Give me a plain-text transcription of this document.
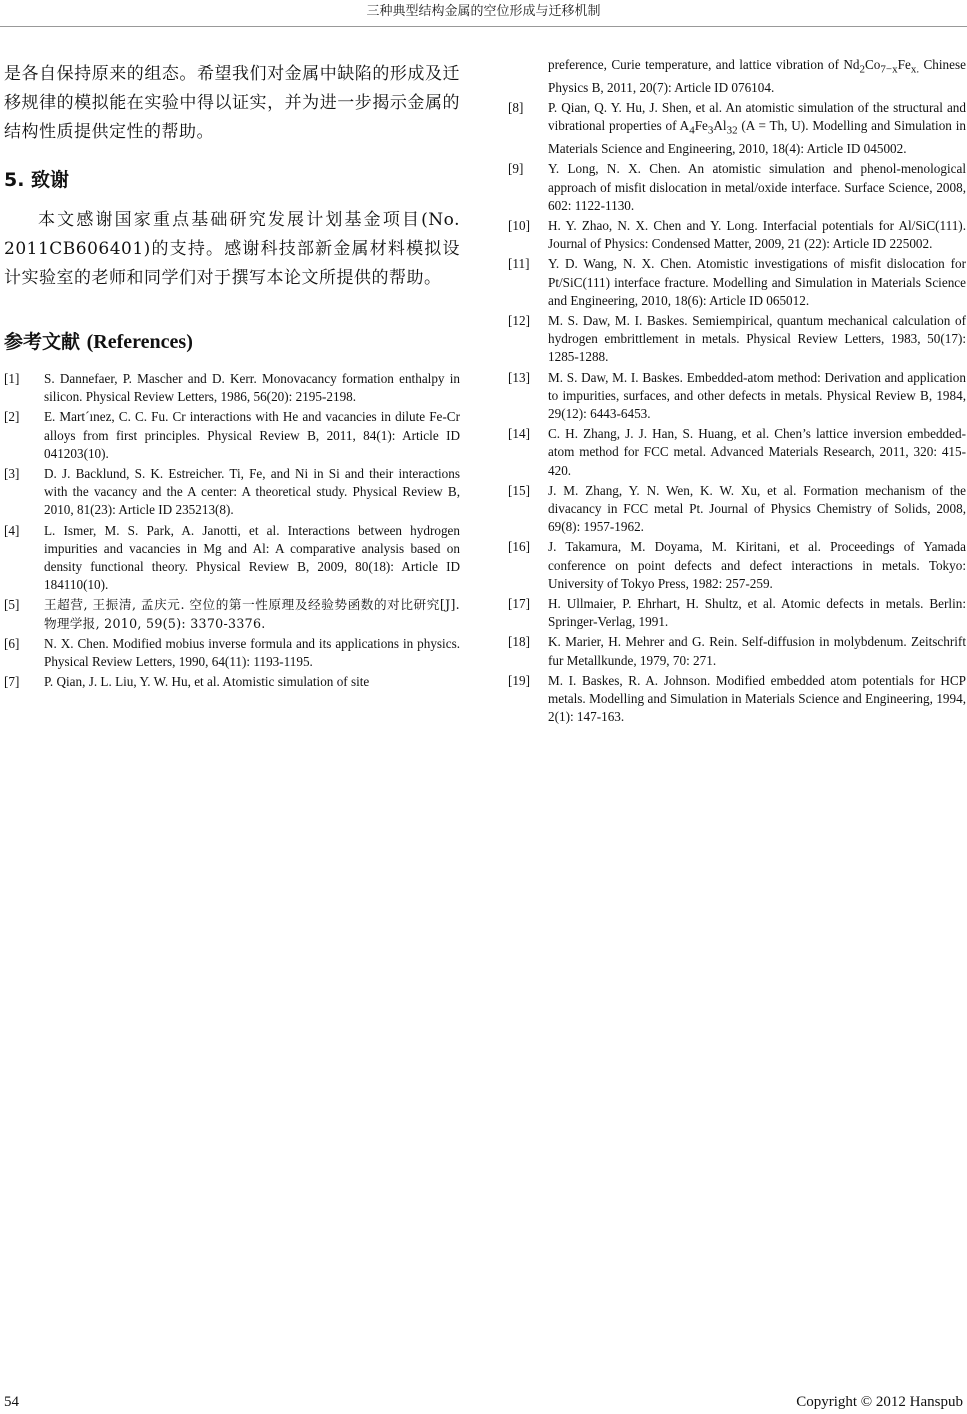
三种典型结构金属的空位形成与迁移机制

是各自保持原来的组态。希望我们对金属中缺陷的形成及迁移规律的模拟能在实验中得以证实，并为进一步揭示金属的结构性质提供定性的帮助。

5. 致谢

本文感谢国家重点基础研究发展计划基金项目(No. 2011CB606401)的支持。感谢科技部新金属材料模拟设计实验室的老师和同学们对于撰写本论文所提供的帮助。

参考文献 (References)
[1]	S. Dannefaer, P. Mascher and D. Kerr. Monovacancy formation enthalpy in silicon. Physical Review Letters, 1986, 56(20): 2195-2198.
[2]	E. Mart´ınez, C. C. Fu. Cr interactions with He and vacancies in dilute Fe-Cr alloys from first principles. Physical Review B, 2011, 84(1): Article ID 041203(10).
[3]	D. J. Backlund, S. K. Estreicher. Ti, Fe, and Ni in Si and their interactions with the vacancy and the A center: A theoretical study. Physical Review B, 2010, 81(23): Article ID 235213(8).
[4]	L. Ismer, M. S. Park, A. Janotti, et al. Interactions between hydrogen impurities and vacancies in Mg and Al: A comparative analysis based on density functional theory. Physical Review B, 2009, 80(18): Article ID 184110(10).
[5]	王超营, 王振清, 孟庆元. 空位的第一性原理及经验势函数的对比研究[J]. 物理学报, 2010, 59(5): 3370-3376.
[6]	N. X. Chen. Modified mobius inverse formula and its applications in physics. Physical Review Letters, 1990, 64(11): 1193-1195.
[7]	P. Qian, J. L. Liu, Y. W. Hu, et al. Atomistic simulation of site
preference, Curie temperature, and lattice vibration of $Nd_2Co_{7-x}Fe_{x.}$ Chinese Physics B, 2011, 20(7): Article ID 076104.
[8]	P. Qian, Q. Y. Hu, J. Shen, et al. An atomistic simulation of the structural and vibrational properties of $A_4Fe_3Al_{32}$ (A = Th, U). Modelling and Simulation in Materials Science and Engineering, 2010, 18(4): Article ID 045002.
[9]	Y. Long, N. X. Chen. An atomistic simulation and phenol-menological approach of misfit dislocation in metal/oxide interface. Surface Science, 2008, 602: 1122-1130.
[10]	H. Y. Zhao, N. X. Chen and Y. Long. Interfacial potentials for Al/SiC(111). Journal of Physics: Condensed Matter, 2009, 21 (22): Article ID 225002.
[11]	Y. D. Wang, N. X. Chen. Atomistic investigations of misfit dislocation for Pt/SiC(111) interface fracture. Modelling and Simulation in Materials Science and Engineering, 2010, 18(6): Article ID 065012.
[12]	M. S. Daw, M. I. Baskes. Semiempirical, quantum mechanical calculation of hydrogen embrittlement in metals. Physical Review Letters, 1983, 50(17): 1285-1288.
[13]	M. S. Daw, M. I. Baskes. Embedded-atom method: Derivation and application to impurities, surfaces, and other defects in metals. Physical Review B, 1984, 29(12): 6443-6453.
[14]	C. H. Zhang, J. J. Han, S. Huang, et al. Chen’s lattice inversion embedded-atom method for FCC metal. Advanced Materials Research, 2011, 320: 415-420.
[15]	J. M. Zhang, Y. N. Wen, K. W. Xu, et al. Formation mechanism of the divacancy in FCC metal Pt. Journal of Physics Chemistry of Solids, 2008, 69(8): 1957-1962.
[16]	J. Takamura, M. Doyama, M. Kiritani, et al. Proceedings of Yamada conference on point defects and defect interactions in metals. Tokyo: University of Tokyo Press, 1982: 257-259.
[17]	H. Ullmaier, P. Ehrhart, H. Shultz, et al. Atomic defects in metals. Berlin: Springer-Verlag, 1991.
[18]	K. Marier, H. Mehrer and G. Rein. Self-diffusion in molybdenum. Zeitschrift fur Metallkunde, 1979, 70: 271.
[19]	M. I. Baskes, R. A. Johnson. Modified embedded atom potentials for HCP metals. Modelling and Simulation in Materials Science and Engineering, 1994, 2(1): 147-163.
54	Copyright © 2012 Hanspub
